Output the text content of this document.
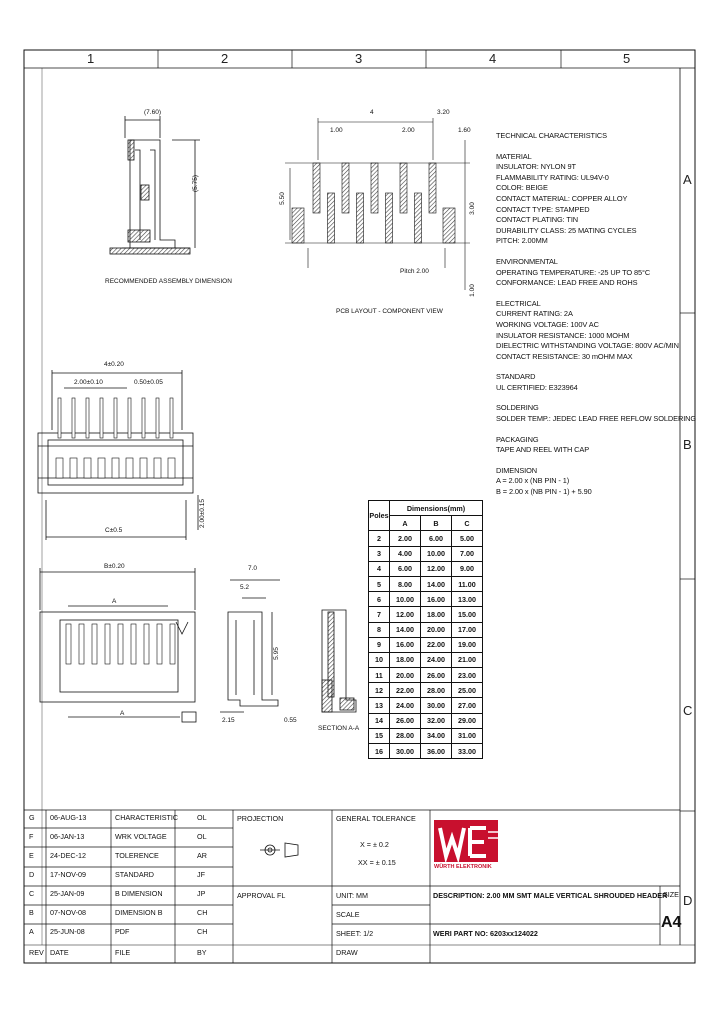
1	2	3	4	5
A
B
C
D
RECOMMENDED ASSEMBLY DIMENSION
PCB LAYOUT - COMPONENT VIEW
SECTION A-A
(7.60)
(5.75)
4	3.20
1.00	2.00	1.60
5.50
3.00
1.00
Pitch 2.00
4±0.20
2.00±0.10	0.50±0.05
C±0.5
2.00±0.15
B±0.20
A
A
7.0
5.2
5.95
2.15	0.55
TECHNICAL CHARACTERISTICS
MATERIAL
INSULATOR: NYLON 9T
FLAMMABILITY RATING: UL94V-0
COLOR: BEIGE
CONTACT MATERIAL: COPPER ALLOY
CONTACT TYPE: STAMPED
CONTACT PLATING: TIN
DURABILITY CLASS: 25 MATING CYCLES
PITCH: 2.00MM
ENVIRONMENTAL
OPERATING TEMPERATURE: -25 UP TO 85°C
CONFORMANCE: LEAD FREE AND ROHS
ELECTRICAL
CURRENT RATING: 2A
WORKING VOLTAGE: 100V AC
INSULATOR RESISTANCE: 1000 MOHM
DIELECTRIC WITHSTANDING VOLTAGE: 800V AC/MIN
CONTACT RESISTANCE: 30 mOHM MAX
STANDARD
UL CERTIFIED: E323964
SOLDERING
SOLDER TEMP.: JEDEC LEAD FREE REFLOW SOLDERING
PACKAGING
TAPE AND REEL WITH CAP
DIMENSION
A = 2.00 x (NB PIN - 1)
B = 2.00 x (NB PIN - 1) + 5.90
Poles	Dimensions(mm)		
	A	B	C
2	2.00	6.00	5.00
3	4.00	10.00	7.00
4	6.00	12.00	9.00
5	8.00	14.00	11.00
6	10.00	16.00	13.00
7	12.00	18.00	15.00
8	14.00	20.00	17.00
9	16.00	22.00	19.00
10	18.00	24.00	21.00
11	20.00	26.00	23.00
12	22.00	28.00	25.00
13	24.00	30.00	27.00
14	26.00	32.00	29.00
15	28.00	34.00	31.00
16	30.00	36.00	33.00
G 06-AUG-13	CHARACTERISTIC	OL
F 06-JAN-13	WRK VOLTAGE	OL
E 24-DEC-12	TOLERENCE	AR
D 17-NOV-09	STANDARD	JF
C 25-JAN-09	B DIMENSION	JP
B 07-NOV-08	DIMENSION B	CH
A 25-JUN-08	PDF	CH
REV DATE	FILE	BY
PROJECTION	GENERAL TOLERANCE
X = ± 0.2
XX = ± 0.15
APPROVAL FL	UNIT: MM
SCALE
SHEET: 1/2
DRAW
DESCRIPTION: 2.00 MM SMT MALE VERTICAL SHROUDED HEADER
WERI PART NO: 6203xx124022
SIZE
A4
WÜRTH ELEKTRONIK
